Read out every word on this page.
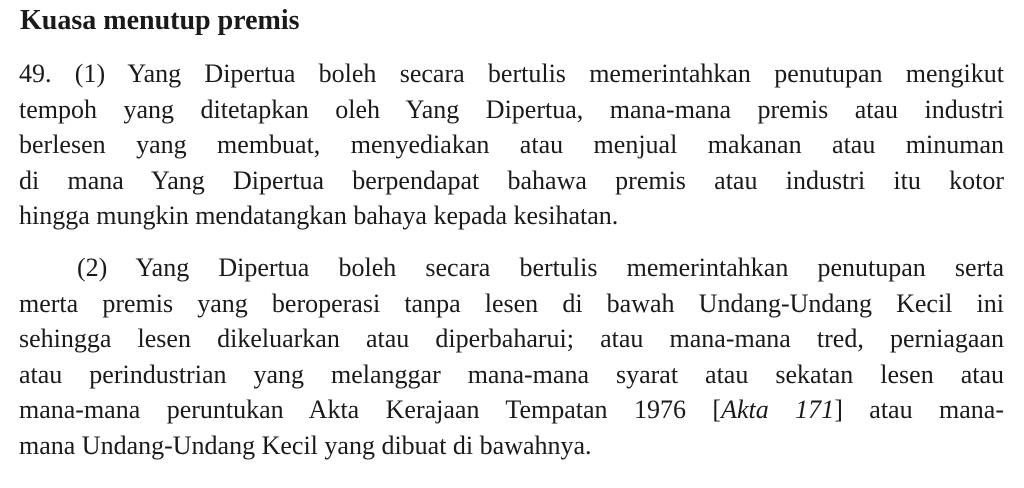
Kuasa menutup premis
49. (1) Yang Dipertua boleh secara bertulis memerintahkan penutupan mengikut
tempoh yang ditetapkan oleh Yang Dipertua, mana-mana premis atau industri
berlesen yang membuat, menyediakan atau menjual makanan atau minuman
di mana Yang Dipertua berpendapat bahawa premis atau industri itu kotor
hingga mungkin mendatangkan bahaya kepada kesihatan.
(2) Yang Dipertua boleh secara bertulis memerintahkan penutupan serta
merta premis yang beroperasi tanpa lesen di bawah Undang-Undang Kecil ini
sehingga lesen dikeluarkan atau diperbaharui; atau mana-mana tred, perniagaan
atau perindustrian yang melanggar mana-mana syarat atau sekatan lesen atau
mana-mana peruntukan Akta Kerajaan Tempatan 1976 [Akta 171] atau mana-
mana Undang-Undang Kecil yang dibuat di bawahnya.
